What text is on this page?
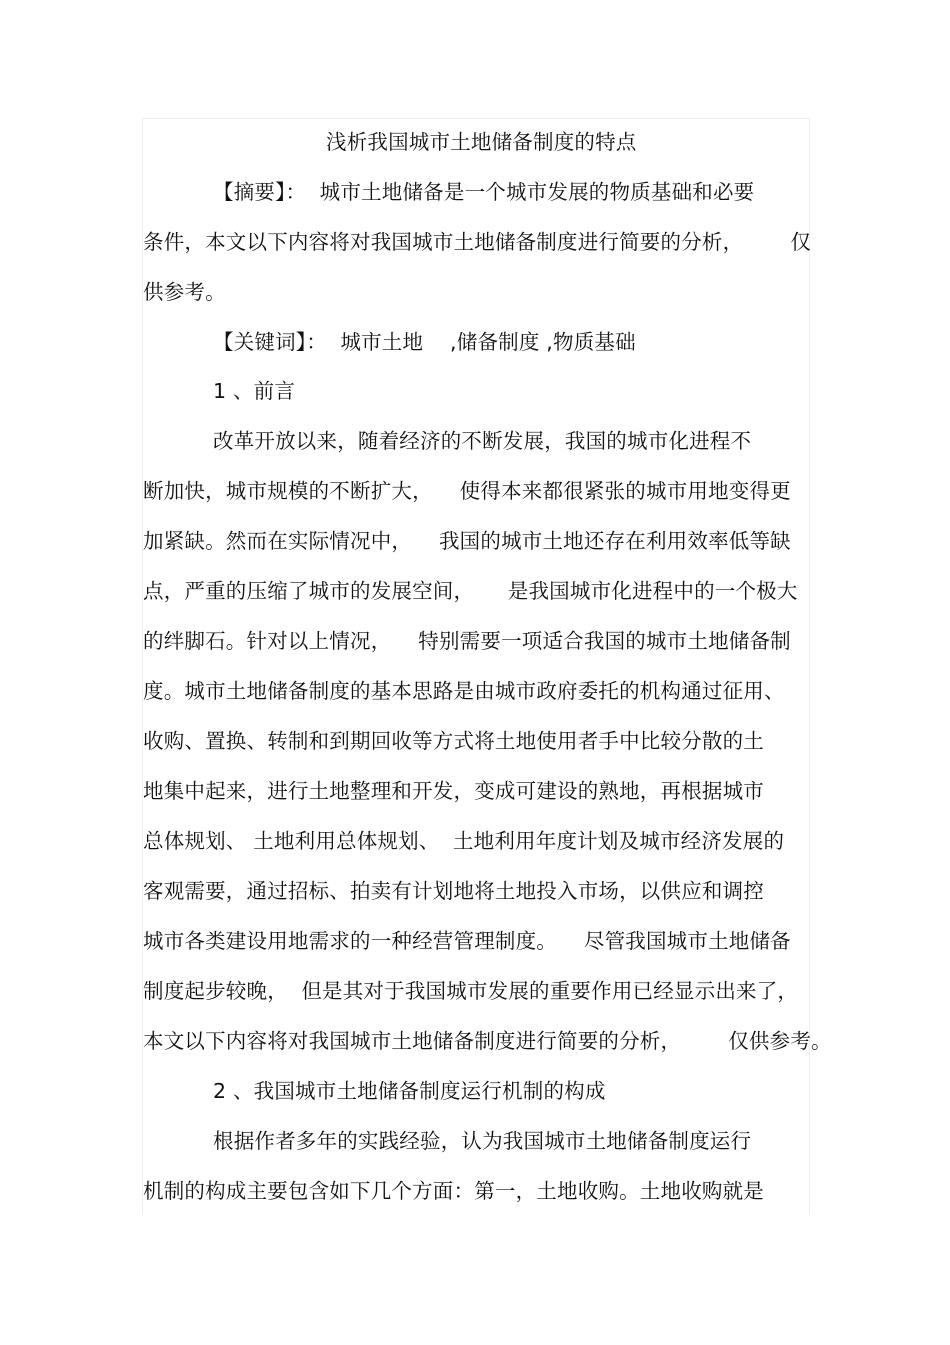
浅析我国城市土地储备制度的特点
【摘要】：  城市土地储备是一个城市发展的物质基础和必要
条件，本文以下内容将对我国城市土地储备制度进行简要的分析，       仅
供参考。
【关键词】：  城市土地    ,储备制度 ,物质基础
1 、前言
改革开放以来，随着经济的不断发展，我国的城市化进程不
断加快，城市规模的不断扩大，    使得本来都很紧张的城市用地变得更
加紧缺。然而在实际情况中，    我国的城市土地还存在利用效率低等缺
点，严重的压缩了城市的发展空间，     是我国城市化进程中的一个极大
的绊脚石。针对以上情况，    特别需要一项适合我国的城市土地储备制
度。城市土地储备制度的基本思路是由城市政府委托的机构通过征用、
收购、置换、转制和到期回收等方式将土地使用者手中比较分散的土
地集中起来，进行土地整理和开发，变成可建设的熟地，再根据城市
总体规划、 土地利用总体规划、  土地利用年度计划及城市经济发展的
客观需要，通过招标、拍卖有计划地将土地投入市场，以供应和调控
城市各类建设用地需求的一种经营管理制度。    尽管我国城市土地储备
制度起步较晚，  但是其对于我国城市发展的重要作用已经显示出来了，
本文以下内容将对我国城市土地储备制度进行简要的分析，       仅供参考。
2 、我国城市土地储备制度运行机制的构成
根据作者多年的实践经验，认为我国城市土地储备制度运行
机制的构成主要包含如下几个方面：第一，土地收购。土地收购就是
